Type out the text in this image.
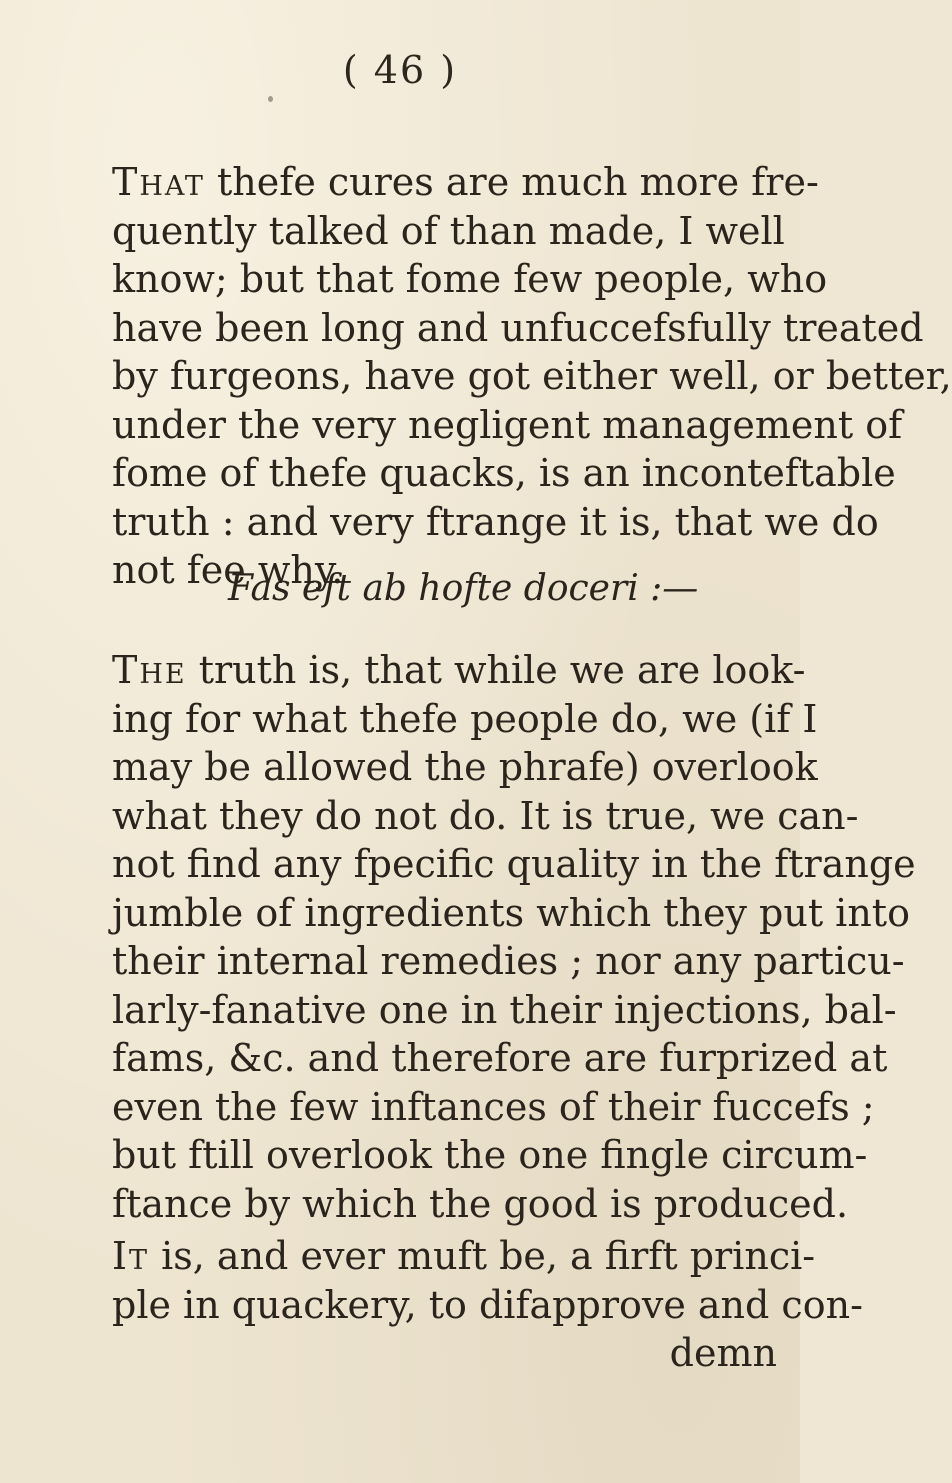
( 46 )
That thefe cures are much more fre-
quently talked of than made, I well
know; but that fome few people, who
have been long and unfuccefsfully treated
by furgeons, have got either well, or better,
under the very negligent management of
fome of thefe quacks, is an inconteftable
truth : and very ftrange it is, that we do
not fee why.
Fas eft ab hofte doceri :—
The truth is, that while we are look-
ing for what thefe people do, we (if I
may be allowed the phrafe) overlook
what they do not do. It is true, we can-
not find any fpecific quality in the ftrange
jumble of ingredients which they put into
their internal remedies ; nor any particu-
larly-fanative one in their injections, bal-
fams, &c. and therefore are furprized at
even the few inftances of their fuccefs ;
but ftill overlook the one fingle circum-
ftance by which the good is produced.
It is, and ever muft be, a firft princi-
ple in quackery, to difapprove and con-
demn
